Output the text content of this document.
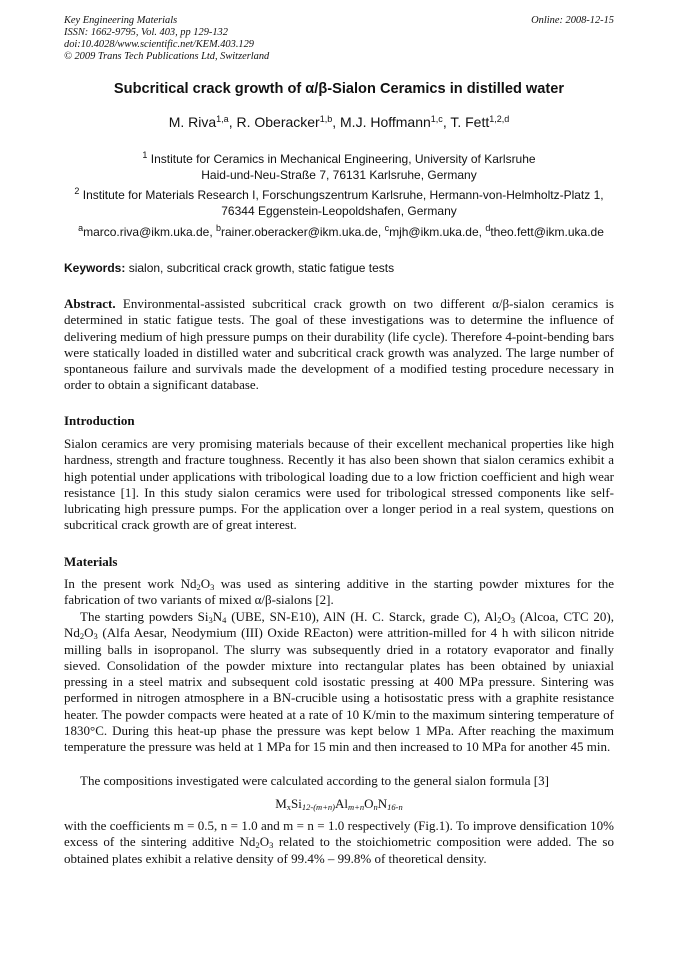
Key Engineering Materials
ISSN: 1662-9795, Vol. 403, pp 129-132
doi:10.4028/www.scientific.net/KEM.403.129
© 2009 Trans Tech Publications Ltd, Switzerland
Online: 2008-12-15
Subcritical crack growth of α/β-Sialon Ceramics in distilled water
M. Riva$^{1,a}$, R. Oberacker$^{1,b}$, M.J. Hoffmann$^{1,c}$, T. Fett$^{1,2,d}$
$^1$ Institute for Ceramics in Mechanical Engineering, University of Karlsruhe
Haid-und-Neu-Straße 7, 76131 Karlsruhe, Germany
$^2$ Institute for Materials Research I, Forschungszentrum Karlsruhe, Hermann-von-Helmholtz-Platz 1,
76344 Eggenstein-Leopoldshafen, Germany
$^a$marco.riva@ikm.uka.de, $^b$rainer.oberacker@ikm.uka.de, $^c$mjh@ikm.uka.de, $^d$theo.fett@ikm.uka.de
Keywords: sialon, subcritical crack growth, static fatigue tests
Abstract. Environmental-assisted subcritical crack growth on two different α/β-sialon ceramics is determined in static fatigue tests. The goal of these investigations was to determine the influence of delivering medium of high pressure pumps on their durability (life cycle). Therefore 4-point-bending bars were statically loaded in distilled water and subcritical crack growth was analyzed. The large number of spontaneous failure and survivals made the development of a modified testing procedure necessary in order to obtain a significant database.
Introduction
Sialon ceramics are very promising materials because of their excellent mechanical properties like high hardness, strength and fracture toughness. Recently it has also been shown that sialon ceramics exhibit a high potential under applications with tribological loading due to a low friction coefficient and high wear resistance [1]. In this study sialon ceramics were used for tribological stressed components like self-lubricating high pressure pumps. For the application over a longer period in a real system, questions on subcritical crack growth are of great interest.
Materials
In the present work $Nd_2O_3$ was used as sintering additive in the starting powder mixtures for the fabrication of two variants of mixed α/β-sialons [2].
The starting powders $Si_3N_4$ (UBE, SN-E10), AlN (H. C. Starck, grade C), $Al_2O_3$ (Alcoa, CTC 20), $Nd_2O_3$ (Alfa Aesar, Neodymium (III) Oxide REacton) were attrition-milled for 4 h with silicon nitride milling balls in isopropanol. The slurry was subsequently dried in a rotatory evaporator and finally sieved. Consolidation of the powder mixture into rectangular plates has been obtained by uniaxial pressing in a steel matrix and subsequent cold isostatic pressing at 400 MPa pressure. Sintering was performed in nitrogen atmosphere in a BN-crucible using a hotisostatic press with a graphite resistance heater. The powder compacts were heated at a rate of 10 K/min to the maximum sintering temperature of 1830°C. During this heat-up phase the pressure was kept below 1 MPa. After reaching the maximum temperature the pressure was held at 1 MPa for 15 min and then increased to 10 MPa for another 45 min.
The compositions investigated were calculated according to the general sialon formula [3]
$M_xSi_{12-(m+n)}Al_{m+n}O_nN_{16-n}$
with the coefficients m = 0.5, n = 1.0 and m = n = 1.0 respectively (Fig.1). To improve densification 10% excess of the sintering additive $Nd_2O_3$ related to the stoichiometric composition were added. The so obtained plates exhibit a relative density of 99.4% – 99.8% of theoretical density.
